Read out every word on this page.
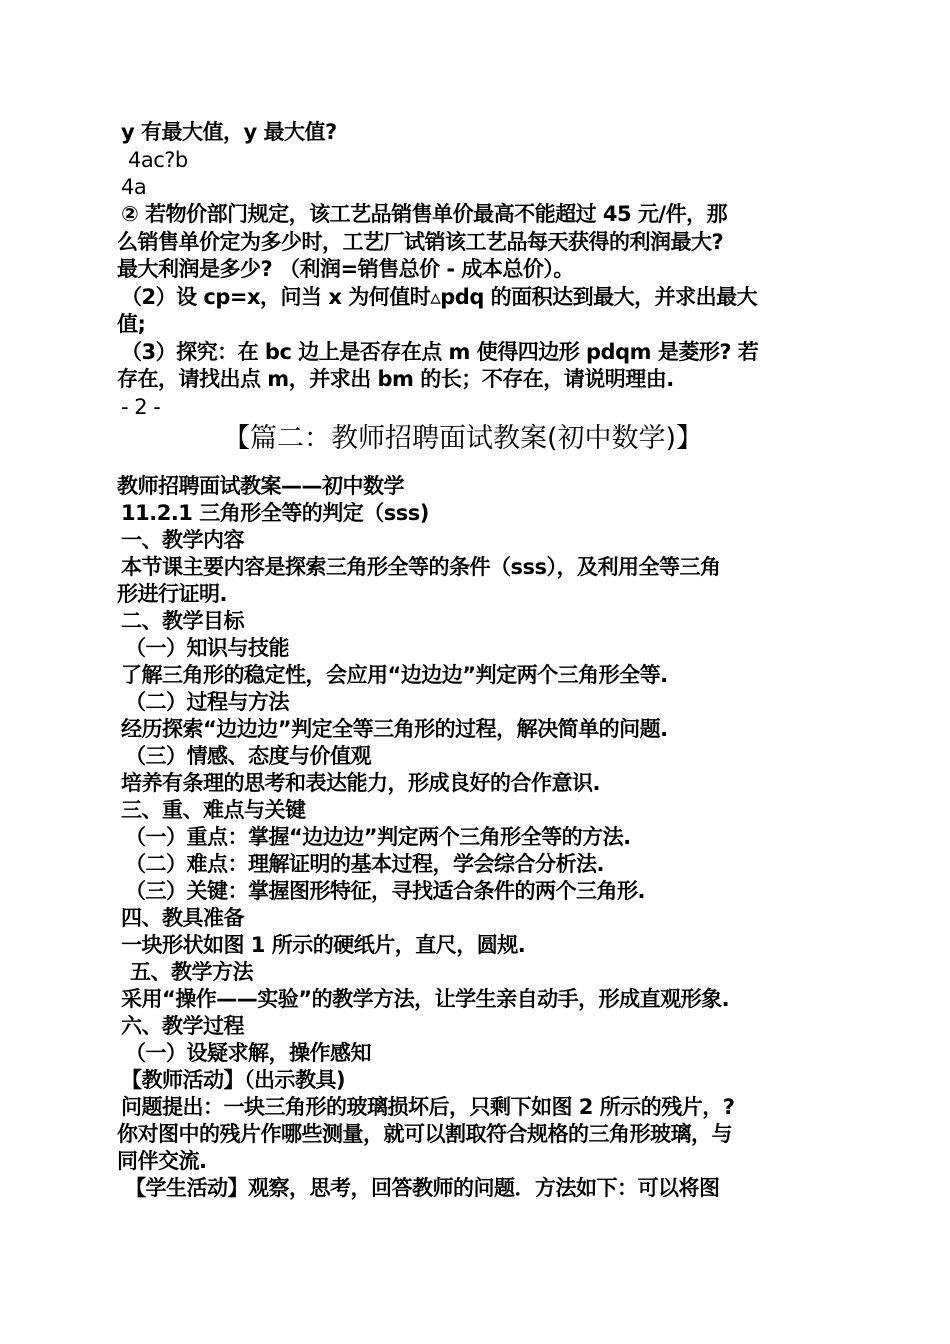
y 有最大值，y 最大值?
4ac?b
4a
② 若物价部门规定，该工艺品销售单价最高不能超过 45 元/件，那
么销售单价定为多少时，工艺厂试销该工艺品每天获得的利润最大?
最大利润是多少? （利润=销售总价 - 成本总价）。
（2）设 cp=x，问当 x 为何值时▵pdq 的面积达到最大，并求出最大
值;
（3）探究：在 bc 边上是否存在点 m 使得四边形 pdqm 是菱形? 若
存在，请找出点 m，并求出 bm 的长；不存在，请说明理由.
- 2 -
【篇二：教师招聘面试教案(初中数学)】
教师招聘面试教案——初中数学
11.2.1 三角形全等的判定（sss)
一、教学内容
本节课主要内容是探索三角形全等的条件（sss），及利用全等三角
形进行证明.
二、教学目标
（一）知识与技能
了解三角形的稳定性，会应用“边边边”判定两个三角形全等.
（二）过程与方法
经历探索“边边边”判定全等三角形的过程，解决简单的问题.
（三）情感、态度与价值观
培养有条理的思考和表达能力，形成良好的合作意识.
三、重、难点与关键
（一）重点：掌握“边边边”判定两个三角形全等的方法.
（二）难点：理解证明的基本过程，学会综合分析法.
（三）关键：掌握图形特征，寻找适合条件的两个三角形.
四、教具准备
一块形状如图 1 所示的硬纸片，直尺，圆规.
五、教学方法
采用“操作——实验”的教学方法，让学生亲自动手，形成直观形象.
六、教学过程
（一）设疑求解，操作感知
【教师活动】（出示教具)
问题提出：一块三角形的玻璃损坏后，只剩下如图 2 所示的残片，?
你对图中的残片作哪些测量，就可以割取符合规格的三角形玻璃，与
同伴交流.
【学生活动】观察，思考，回答教师的问题．方法如下：可以将图
